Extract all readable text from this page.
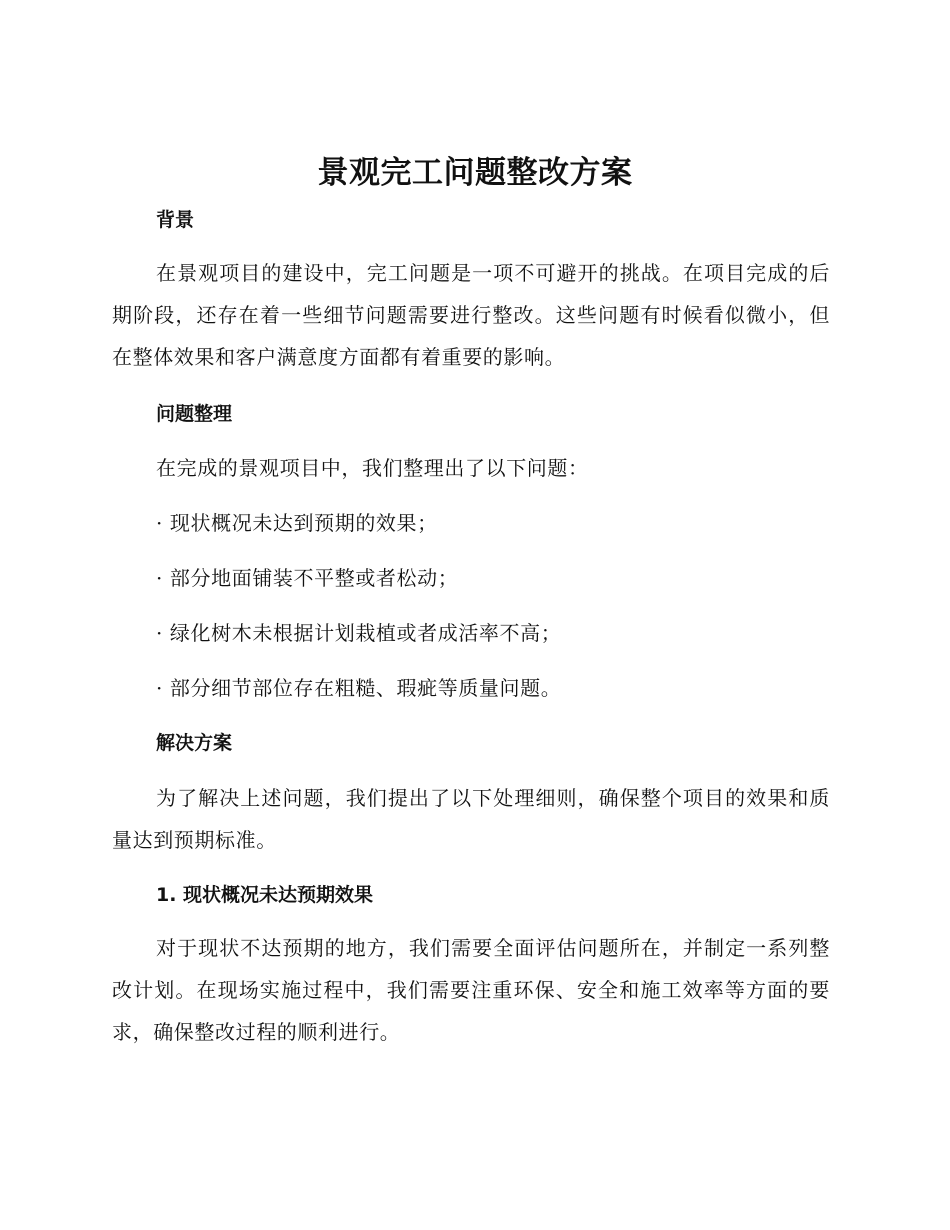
景观完工问题整改方案
背景

在景观项目的建设中，完工问题是一项不可避开的挑战。在项目完成的后期阶段，还存在着一些细节问题需要进行整改。这些问题有时候看似微小，但在整体效果和客户满意度方面都有着重要的影响。

问题整理

在完成的景观项目中，我们整理出了以下问题：

· 现状概况未达到预期的效果；

· 部分地面铺装不平整或者松动；

· 绿化树木未根据计划栽植或者成活率不高；

· 部分细节部位存在粗糙、瑕疵等质量问题。

解决方案

为了解决上述问题，我们提出了以下处理细则，确保整个项目的效果和质量达到预期标准。

1. 现状概况未达预期效果

对于现状不达预期的地方，我们需要全面评估问题所在，并制定一系列整改计划。在现场实施过程中，我们需要注重环保、安全和施工效率等方面的要求，确保整改过程的顺利进行。
